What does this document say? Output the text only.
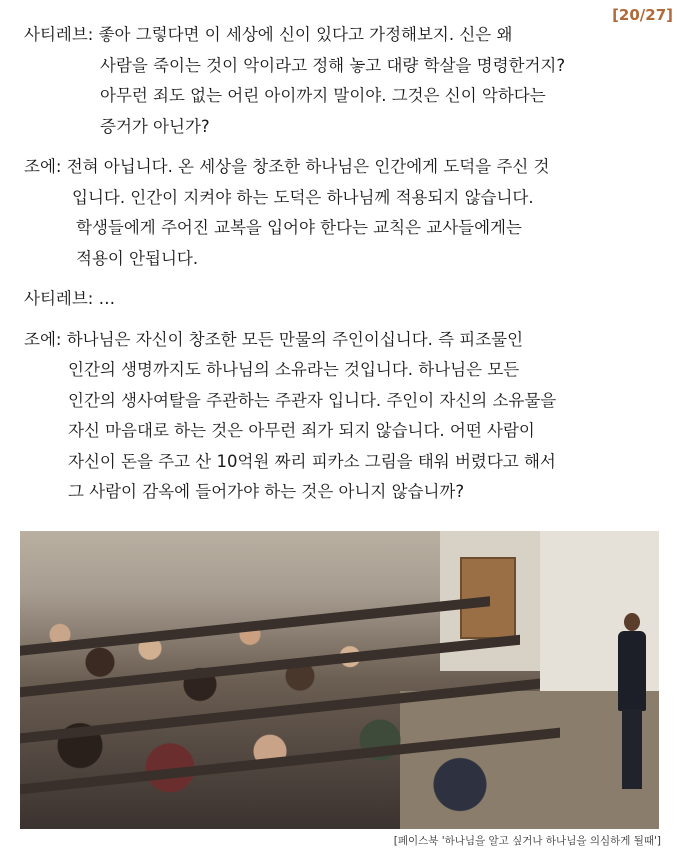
[20/27]
사티레브: 좋아 그렇다면 이 세상에 신이 있다고 가정해보지. 신은 왜
사람을 죽이는 것이 악이라고 정해 놓고 대량 학살을 명령한거지?
아무런 죄도 없는 어린 아이까지 말이야. 그것은 신이 악하다는
증거가 아닌가?
조에: 전혀 아닙니다. 온 세상을 창조한 하나님은 인간에게 도덕을 주신 것
입니다. 인간이 지켜야 하는 도덕은 하나님께 적용되지 않습니다.
학생들에게 주어진 교복을 입어야 한다는 교칙은 교사들에게는
적용이 안됩니다.
사티레브: …
조에: 하나님은 자신이 창조한 모든 만물의 주인이십니다. 즉 피조물인
인간의 생명까지도 하나님의 소유라는 것입니다. 하나님은 모든
인간의 생사여탈을 주관하는 주관자 입니다. 주인이 자신의 소유물을
자신 마음대로 하는 것은 아무런 죄가 되지 않습니다. 어떤 사람이
자신이 돈을 주고 산 10억원 짜리 피카소 그림을 태워 버렸다고 해서
그 사람이 감옥에 들어가야 하는 것은 아니지 않습니까?
[페이스북 '하나님을 알고 싶거나 하나님을 의심하게 될때']
